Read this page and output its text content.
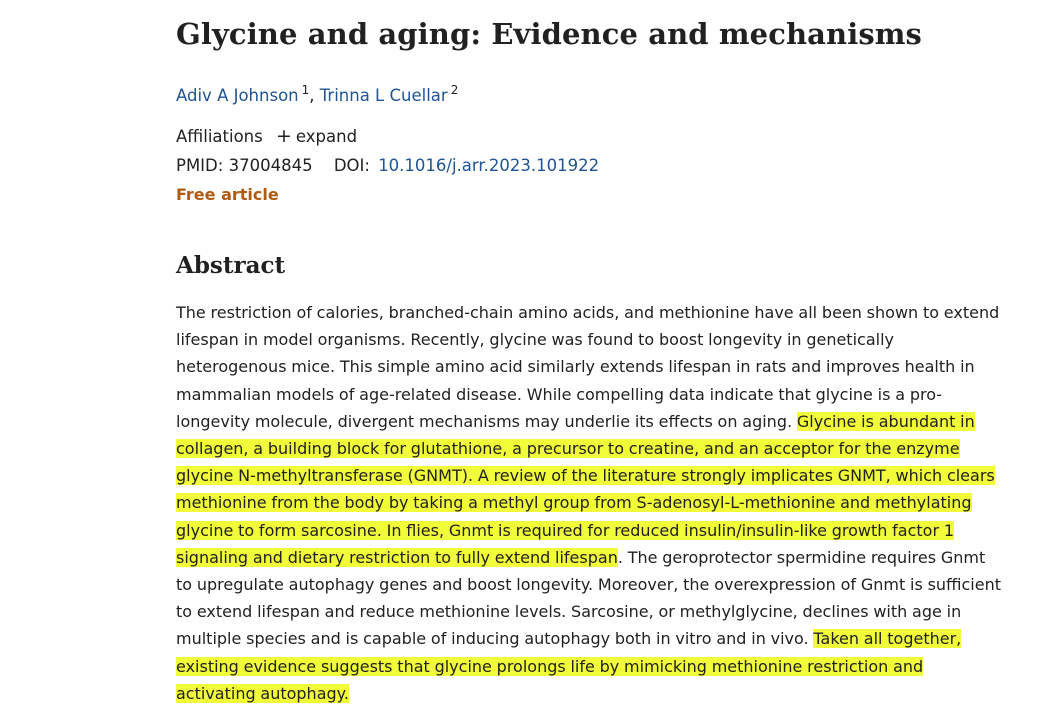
Glycine and aging: Evidence and mechanisms
Adiv A Johnson $^1$, Trinna L Cuellar $^2$
Affiliations + expand
PMID: 37004845 DOI: 10.1016/j.arr.2023.101922
Free article
Abstract
The restriction of calories, branched-chain amino acids, and methionine have all been shown to extend lifespan in model organisms. Recently, glycine was found to boost longevity in genetically heterogenous mice. This simple amino acid similarly extends lifespan in rats and improves health in mammalian models of age-related disease. While compelling data indicate that glycine is a pro-longevity molecule, divergent mechanisms may underlie its effects on aging. Glycine is abundant in collagen, a building block for glutathione, a precursor to creatine, and an acceptor for the enzyme glycine N-methyltransferase (GNMT). A review of the literature strongly implicates GNMT, which clears methionine from the body by taking a methyl group from S-adenosyl-L-methionine and methylating glycine to form sarcosine. In flies, Gnmt is required for reduced insulin/insulin-like growth factor 1 signaling and dietary restriction to fully extend lifespan. The geroprotector spermidine requires Gnmt to upregulate autophagy genes and boost longevity. Moreover, the overexpression of Gnmt is sufficient to extend lifespan and reduce methionine levels. Sarcosine, or methylglycine, declines with age in multiple species and is capable of inducing autophagy both in vitro and in vivo. Taken all together, existing evidence suggests that glycine prolongs life by mimicking methionine restriction and activating autophagy.
